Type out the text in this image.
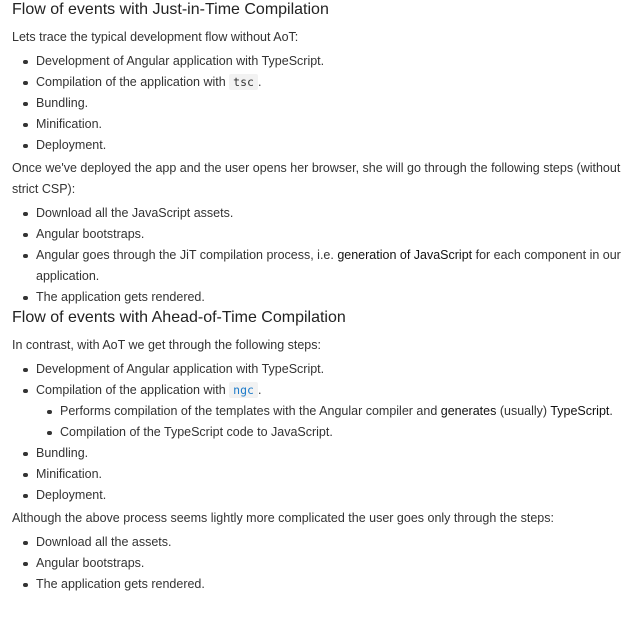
Flow of events with Just-in-Time Compilation

Lets trace the typical development flow without AoT:

Development of Angular application with TypeScript.
Compilation of the application with tsc .
Bundling.
Minification.
Deployment.

Once we've deployed the app and the user opens her browser, she will go through the following steps (without strict CSP):

Download all the JavaScript assets.
Angular bootstraps.
Angular goes through the JiT compilation process, i.e. generation of JavaScript for each component in our application.
The application gets rendered.
Flow of events with Ahead-of-Time Compilation

In contrast, with AoT we get through the following steps:

Development of Angular application with TypeScript.
Compilation of the application with ngc .
Performs compilation of the templates with the Angular compiler and generates (usually) TypeScript.
Compilation of the TypeScript code to JavaScript.
Bundling.
Minification.
Deployment.

Although the above process seems lightly more complicated the user goes only through the steps:

Download all the assets.
Angular bootstraps.
The application gets rendered.
